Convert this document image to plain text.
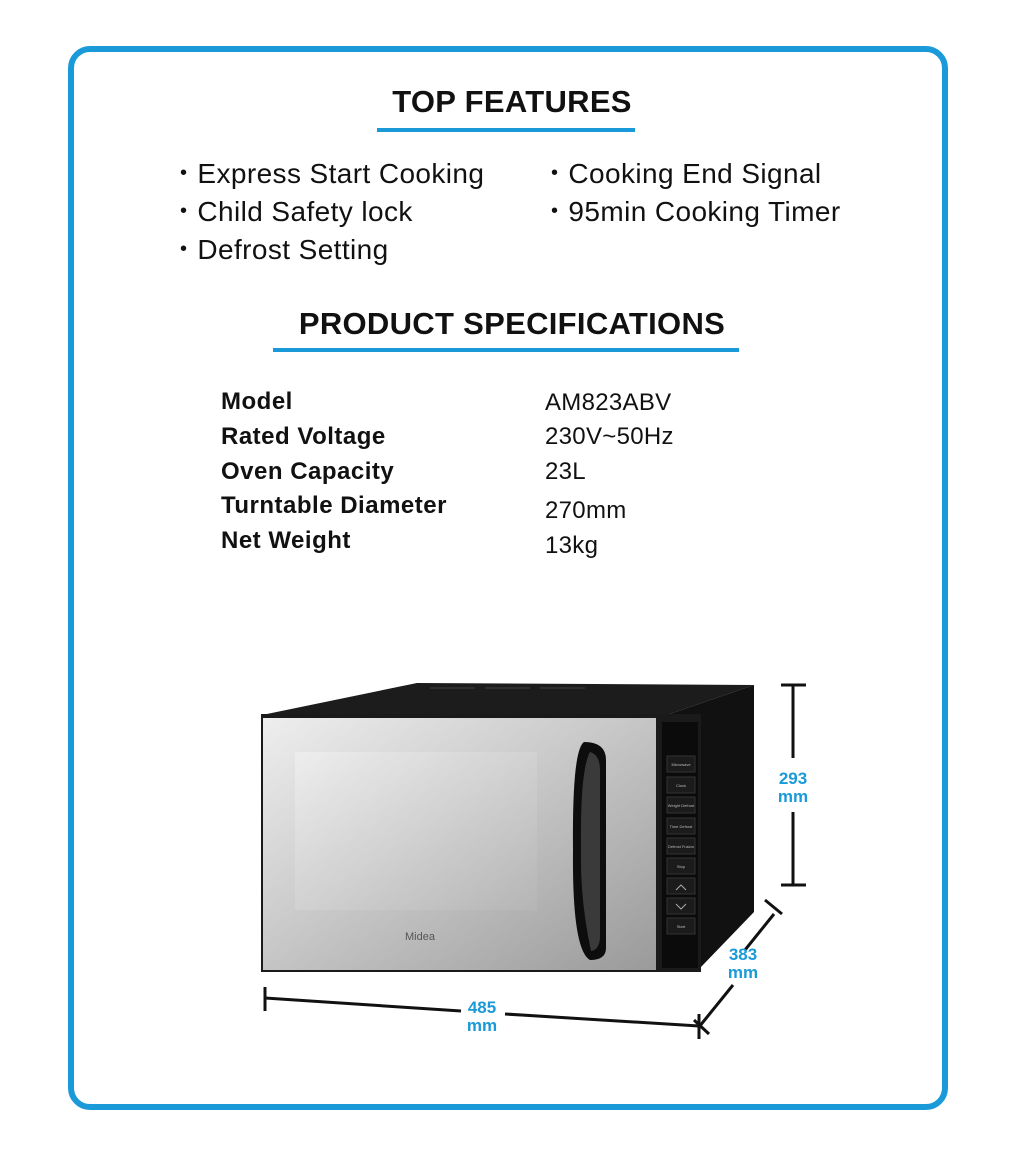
TOP FEATURES
• Express Start Cooking
• Child Safety lock
• Defrost Setting
• Cooking End Signal
• 95min Cooking Timer
PRODUCT SPECIFICATIONS
Model	AM823ABV
Rated Voltage	230V~50Hz
Oven Capacity	23L
Turntable Diameter	270mm
Net Weight	13kg
Microwave
Clock
Weight Defrost
Time Defrost
Defrost Fusion
Stop
Start
Midea
293
mm
383
mm
485
mm
